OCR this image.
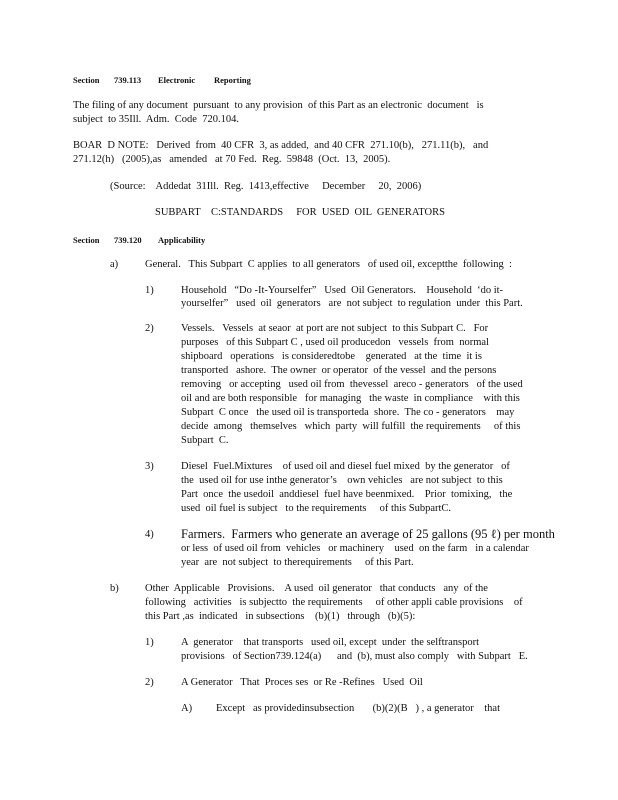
Section 739.113 Electronic Reporting
The filing of any document  pursuant  to any provision  of this Part as an electronic  document   is
subject  to 35Ill.  Adm.  Code  720.104.
BOAR  D NOTE:   Derived  from  40 CFR  3, as added,  and 40 CFR  271.10(b),   271.11(b),   and
271.12(h)   (2005),as   amended   at 70 Fed.  Reg.  59848  (Oct.  13,  2005).
(Source:    Addedat  31Ill.  Reg.  1413,effective     December     20,  2006)
SUBPART    C:STANDARDS     FOR  USED  OIL  GENERATORS
Section 739.120 Applicability
a)	General.   This Subpart  C applies  to all generators   of used oil, exceptthe  following  :
1)	Household   “Do -It-Yourselfer”   Used  Oil Generators.    Household  ‘do it-
yourselfer”   used  oil  generators   are  not subject  to regulation  under  this Part.
2)	Vessels.   Vessels  at seaor  at port are not subject  to this Subpart C.   For
purposes   of this Subpart C , used oil producedon   vessels  from  normal
shipboard   operations   is consideredtobe    generated   at the  time  it is
transported   ashore.  The owner  or operator  of the vessel  and the persons
removing   or accepting   used oil from  thevessel  areco - generators   of the used
oil and are both responsible   for managing   the waste  in compliance    with this
Subpart  C once   the used oil is transporteda  shore.  The co - generators    may
decide  among   themselves   which  party  will fulfill  the requirements     of this
Subpart  C.
3)	Diesel  Fuel.Mixtures    of used oil and diesel fuel mixed  by the generator   of
the  used oil for use inthe generator’s    own vehicles   are not subject  to this
Part  once  the usedoil  anddiesel  fuel have beenmixed.    Prior  tomixing,   the
used  oil fuel is subject   to the requirements     of this SubpartC.
4) Farmers.  Farmers who generate an average of 25 gallons (95 ℓ) per month
or less  of used oil from  vehicles   or machinery    used  on the farm   in a calendar
year  are  not subject  to therequirements     of this Part.
b)	Other  Applicable   Provisions.    A used  oil generator   that conducts   any  of the
following   activities   is subjectto  the requirements     of other appli cable provisions    of
this Part ,as  indicated   in subsections    (b)(1)   through   (b)(5):
1)	A  generator    that transports   used oil, except  under  the selftransport
provisions   of Section739.124(a)      and  (b), must also comply   with Subpart   E.
2)	A Generator   That  Proces ses  or Re -Refines   Used  Oil
A) Except   as providedinsubsection       (b)(2)(B   ) , a generator    that
